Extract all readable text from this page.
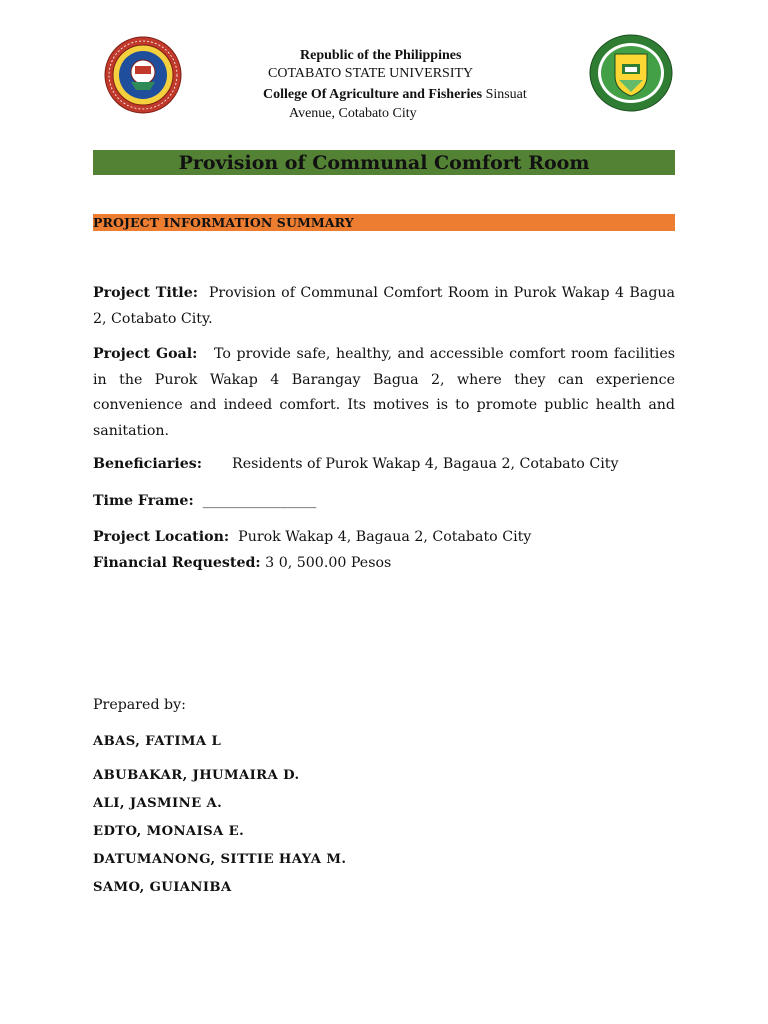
Republic of the Philippines
COTABATO STATE UNIVERSITY
College Of Agriculture and Fisheries Sinsuat
Avenue, Cotabato City
Provision of Communal Comfort Room
PROJECT INFORMATION SUMMARY
Project Title: Provision of Communal Comfort Room in Purok Wakap 4 Bagua 2, Cotabato City.
Project Goal: To provide safe, healthy, and accessible comfort room facilities in the Purok Wakap 4 Barangay Bagua 2, where they can experience convenience and indeed comfort. Its motives is to promote public health and sanitation.
Beneficiaries: Residents of Purok Wakap 4, Bagaua 2, Cotabato City
Time Frame: ________________
Project Location: Purok Wakap 4, Bagaua 2, Cotabato City
Financial Requested: 3 0, 500.00 Pesos
Prepared by:
ABAS, FATIMA L
ABUBAKAR, JHUMAIRA D.
ALI, JASMINE A.
EDTO, MONAISA E.
DATUMANONG, SITTIE HAYA M.
SAMO, GUIANIBA
